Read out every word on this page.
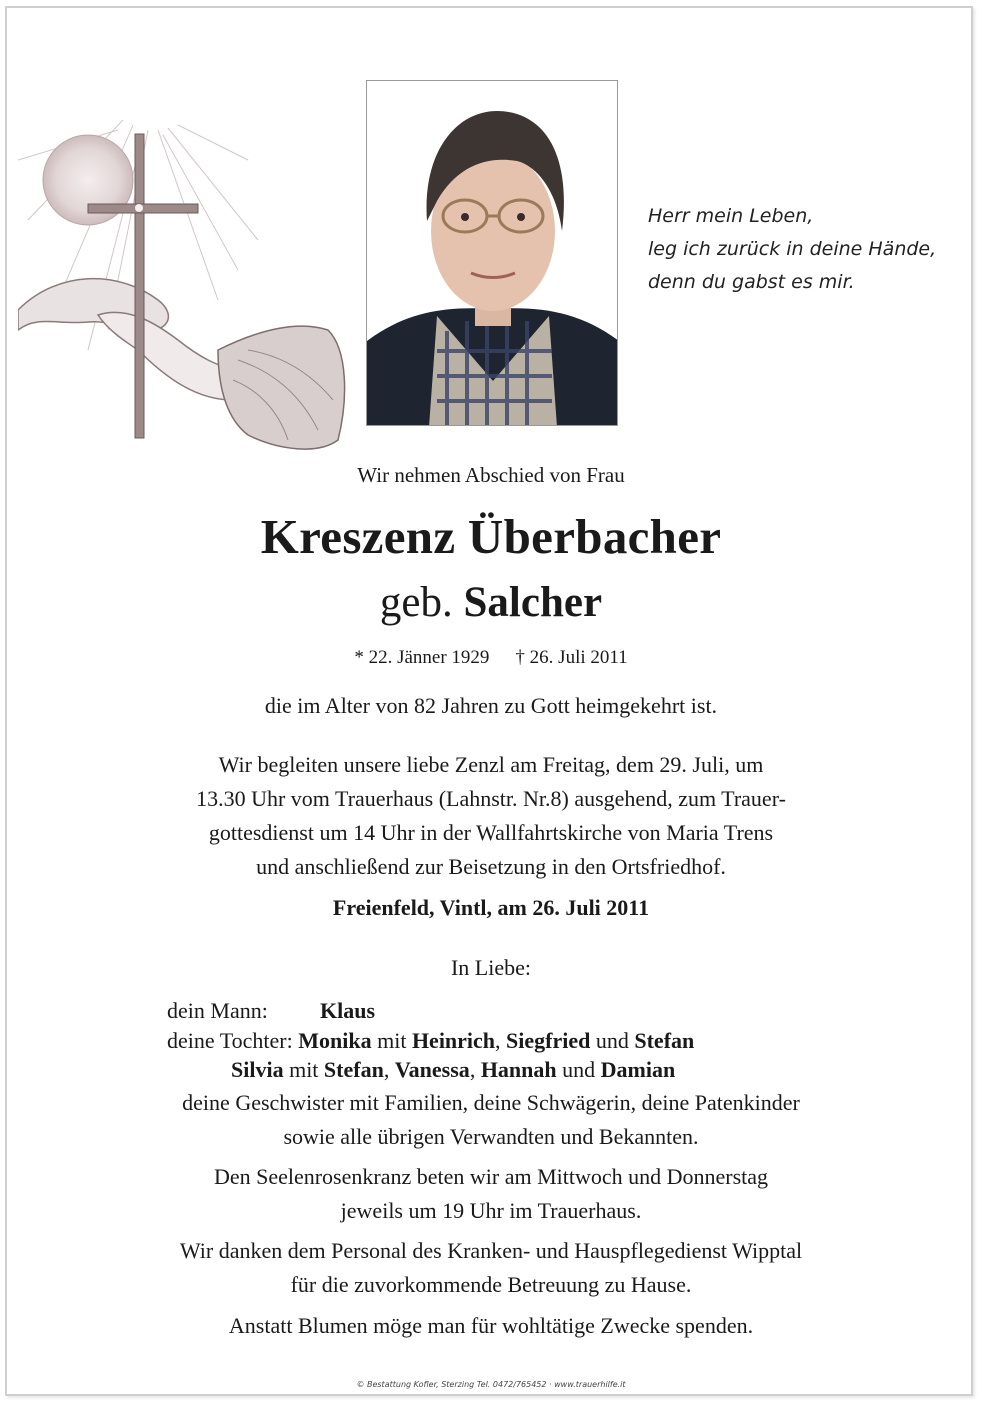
Herr mein Leben,
leg ich zurück in deine Hände,
denn du gabst es mir.
Wir nehmen Abschied von Frau
Kreszenz Überbacher
geb. Salcher
* 22. Jänner 1929 † 26. Juli 2011
die im Alter von 82 Jahren zu Gott heimgekehrt ist.
Wir begleiten unsere liebe Zenzl am Freitag, dem 29. Juli, um
13.30 Uhr vom Trauerhaus (Lahnstr. Nr.8) ausgehend, zum Trauer-
gottesdienst um 14 Uhr in der Wallfahrtskirche von Maria Trens
und anschließend zur Beisetzung in den Ortsfriedhof.
Freienfeld, Vintl, am 26. Juli 2011
In Liebe:
dein Mann: Klaus
deine Tochter: Monika mit Heinrich, Siegfried und Stefan
Silvia mit Stefan, Vanessa, Hannah und Damian
deine Geschwister mit Familien, deine Schwägerin, deine Patenkinder
sowie alle übrigen Verwandten und Bekannten.
Den Seelenrosenkranz beten wir am Mittwoch und Donnerstag
jeweils um 19 Uhr im Trauerhaus.
Wir danken dem Personal des Kranken- und Hauspflegedienst Wipptal
für die zuvorkommende Betreuung zu Hause.
Anstatt Blumen möge man für wohltätige Zwecke spenden.
© Bestattung Kofler, Sterzing Tel. 0472/765452 · www.trauerhilfe.it
